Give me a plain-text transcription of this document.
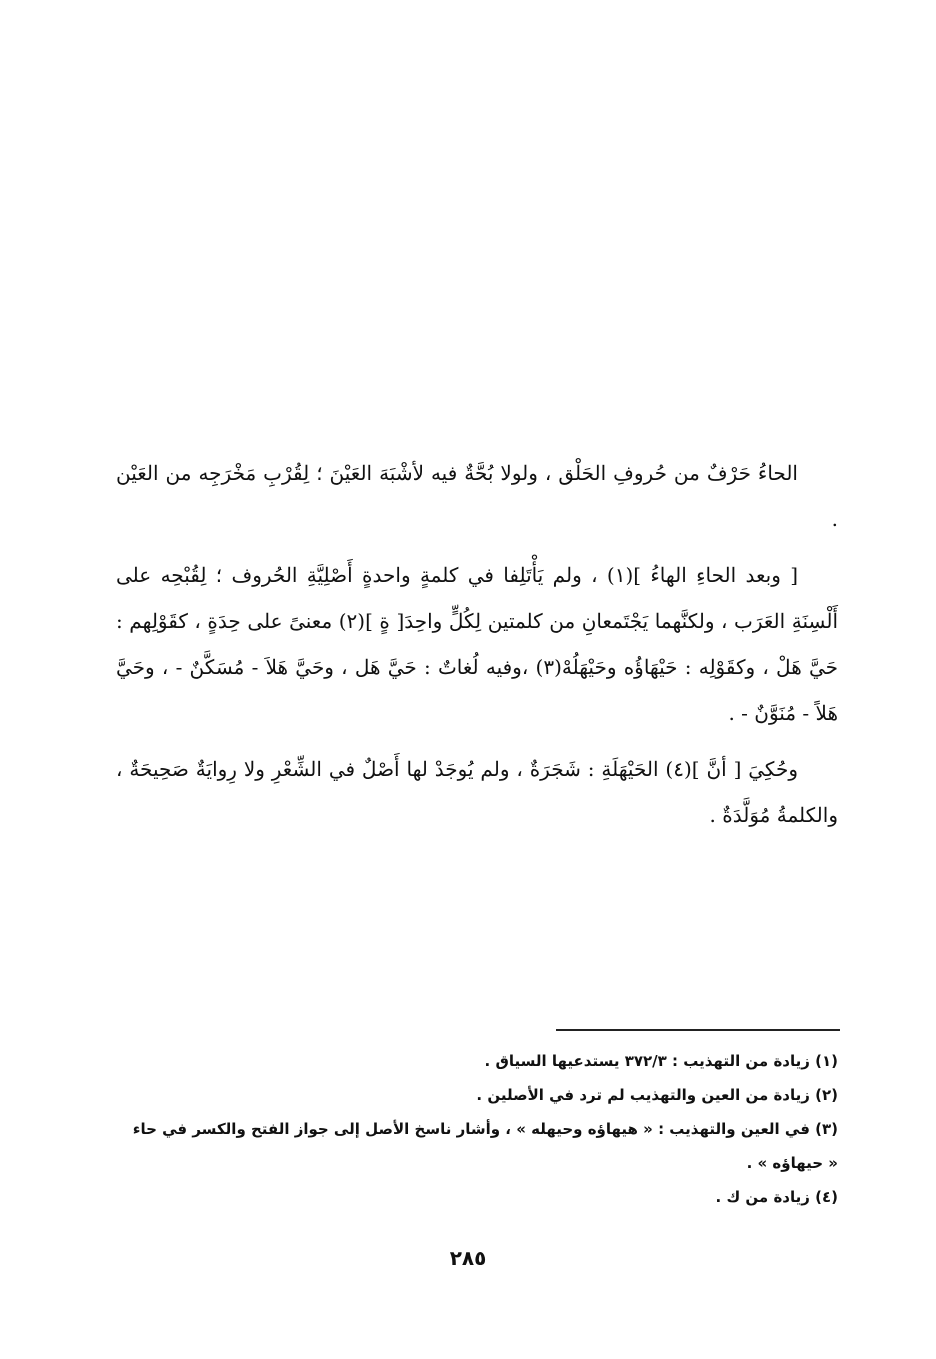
الحاءُ حَرْفٌ من حُروفِ الحَلْق ، ولولا بُحَّةٌ فيه لأشْبَهَ العَيْنَ ؛ لِقُرْبِ مَخْرَجِه من العَيْن .

[ وبعد الحاءِ الهاءُ ](١) ، ولم يَأْتَلِفا في كلمةٍ واحدةٍ أَصْلِيَّةِ الحُروف ؛ لِقُبْحِه على أَلْسِنَةِ العَرَب ، ولكنَّهما يَجْتَمعانِ من كلمتين لِكُلٍّ واحِدَ[ ةٍ ](٢) معنىً على حِدَةٍ ، كقَوْلِهم : حَيَّ هَلْ ، وكقَوْلِه : حَيْهَاؤُه وحَيْهَلُهْ(٣) ،وفيه لُغاتٌ : حَيَّ هَل ، وحَيَّ هَلاَ - مُسَكَّنٌ - ، وحَيَّ هَلاً - مُنَوَّنٌ - .

وحُكِيَ [ أنَّ ](٤) الحَيْهَلَةِ : شَجَرَةٌ ، ولم يُوجَدْ لها أَصْلٌ في الشِّعْرِ ولا رِوايَةٌ صَحِيحَةٌ ، والكلمةُ مُوَلَّدَةٌ .

(١) زيادة من التهذيب : ٣٧٢/٣ يستدعيها السياق .

(٢) زيادة من العين والتهذيب لم ترد في الأصلين .

(٣) في العين والتهذيب : « هيهاؤه وحيهله » ، وأشار ناسخ الأصل إلى جواز الفتح والكسر في حاء « حيهاؤه » .

(٤) زيادة من ك .

٢٨٥
